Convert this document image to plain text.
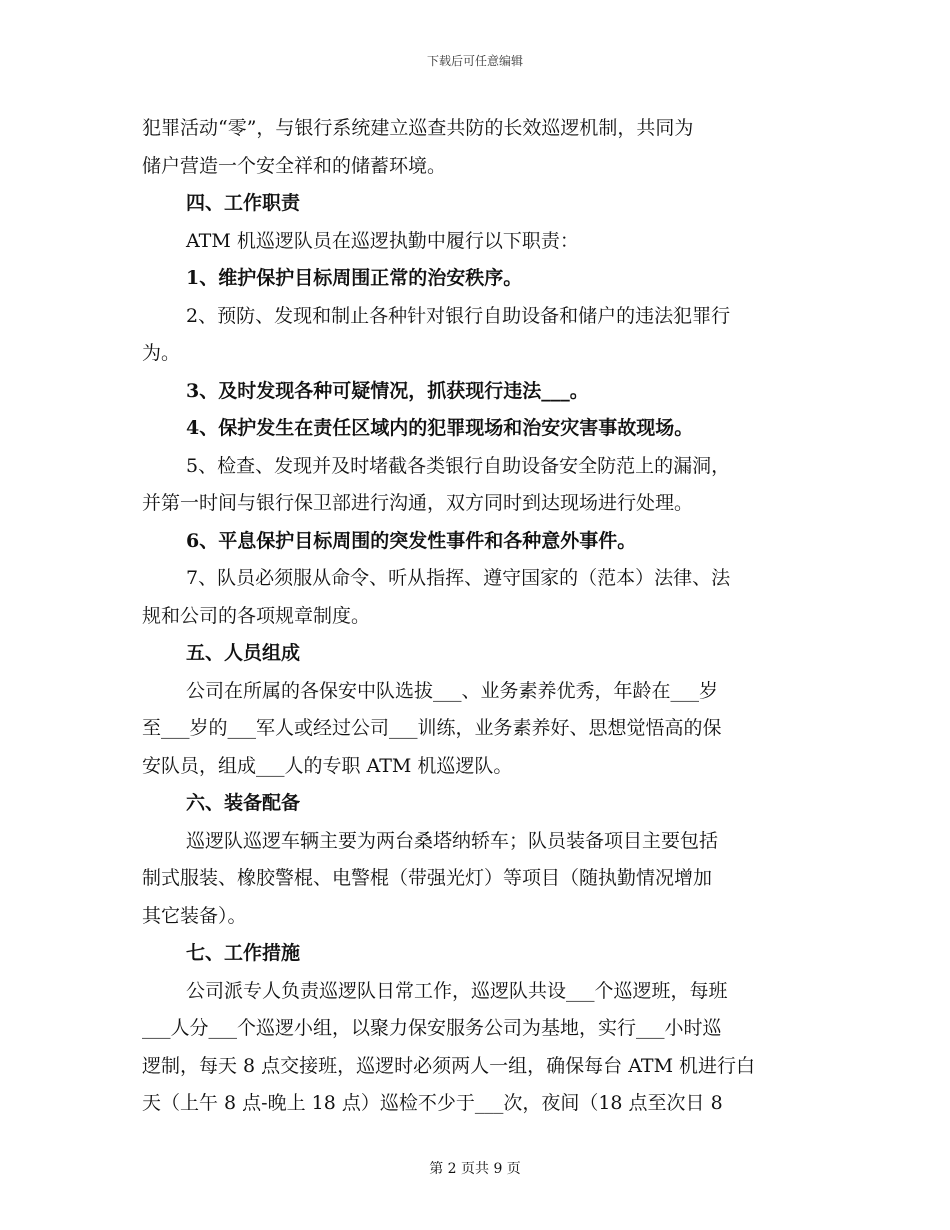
下载后可任意编辑
犯罪活动“零”，与银行系统建立巡查共防的长效巡逻机制，共同为
储户营造一个安全祥和的储蓄环境。
四、工作职责
ATM 机巡逻队员在巡逻执勤中履行以下职责：
1、维护保护目标周围正常的治安秩序。
2、预防、发现和制止各种针对银行自助设备和储户的违法犯罪行
为。
3、及时发现各种可疑情况，抓获现行违法___。
4、保护发生在责任区域内的犯罪现场和治安灾害事故现场。
5、检查、发现并及时堵截各类银行自助设备安全防范上的漏洞，
并第一时间与银行保卫部进行沟通，双方同时到达现场进行处理。
6、平息保护目标周围的突发性事件和各种意外事件。
7、队员必须服从命令、听从指挥、遵守国家的（范本）法律、法
规和公司的各项规章制度。
五、人员组成
公司在所属的各保安中队选拔___、业务素养优秀，年龄在___岁
至___岁的___军人或经过公司___训练，业务素养好、思想觉悟高的保
安队员，组成___人的专职 ATM 机巡逻队。
六、装备配备
巡逻队巡逻车辆主要为两台桑塔纳轿车；队员装备项目主要包括
制式服装、橡胶警棍、电警棍（带强光灯）等项目（随执勤情况增加
其它装备）。
七、工作措施
公司派专人负责巡逻队日常工作，巡逻队共设___个巡逻班，每班
___人分___个巡逻小组，以聚力保安服务公司为基地，实行___小时巡
逻制，每天 8 点交接班，巡逻时必须两人一组，确保每台 ATM 机进行白
天（上午 8 点-晚上 18 点）巡检不少于___次，夜间（18 点至次日 8
第 2 页共 9 页
